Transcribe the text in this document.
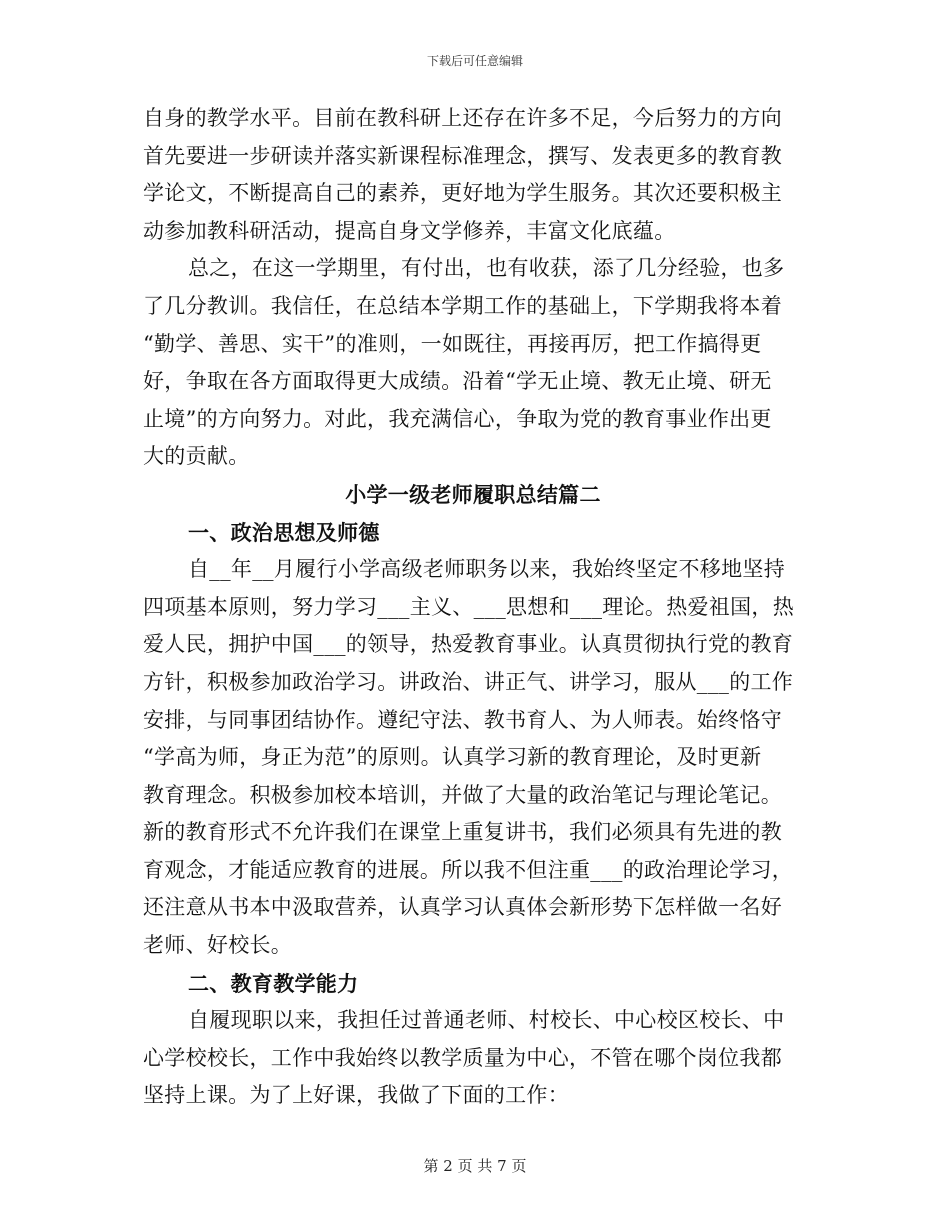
下载后可任意编辑
自身的教学水平。目前在教科研上还存在许多不足，今后努力的方向
首先要进一步研读并落实新课程标准理念，撰写、发表更多的教育教
学论文，不断提高自己的素养，更好地为学生服务。其次还要积极主
动参加教科研活动，提高自身文学修养，丰富文化底蕴。
总之，在这一学期里，有付出，也有收获，添了几分经验，也多
了几分教训。我信任，在总结本学期工作的基础上，下学期我将本着
“勤学、善思、实干”的准则，一如既往，再接再厉，把工作搞得更
好，争取在各方面取得更大成绩。沿着“学无止境、教无止境、研无
止境”的方向努力。对此，我充满信心，争取为党的教育事业作出更
大的贡献。
小学一级老师履职总结篇二
一、政治思想及师德
自__年__月履行小学高级老师职务以来，我始终坚定不移地坚持
四项基本原则，努力学习___主义、___思想和___理论。热爱祖国，热
爱人民，拥护中国___的领导，热爱教育事业。认真贯彻执行党的教育
方针，积极参加政治学习。讲政治、讲正气、讲学习，服从___的工作
安排，与同事团结协作。遵纪守法、教书育人、为人师表。始终恪守
“学高为师，身正为范”的原则。认真学习新的教育理论，及时更新
教育理念。积极参加校本培训，并做了大量的政治笔记与理论笔记。
新的教育形式不允许我们在课堂上重复讲书，我们必须具有先进的教
育观念，才能适应教育的进展。所以我不但注重___的政治理论学习，
还注意从书本中汲取营养，认真学习认真体会新形势下怎样做一名好
老师、好校长。
二、教育教学能力
自履现职以来，我担任过普通老师、村校长、中心校区校长、中
心学校校长，工作中我始终以教学质量为中心，不管在哪个岗位我都
坚持上课。为了上好课，我做了下面的工作：
第 2 页 共 7 页
